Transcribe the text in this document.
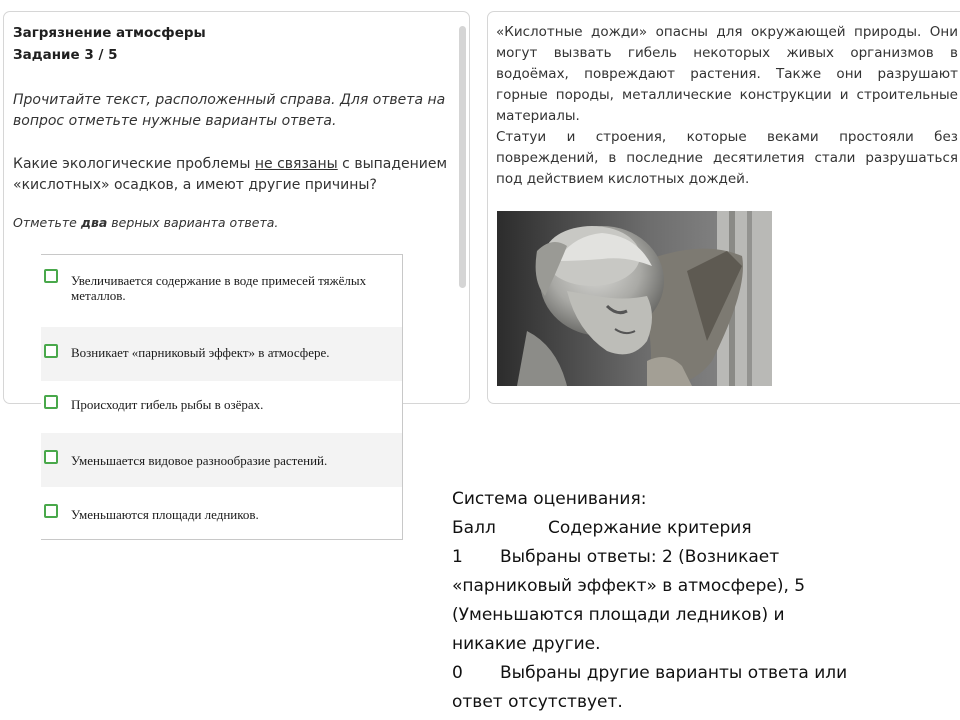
Загрязнение атмосферы
Задание 3 / 5
Прочитайте текст, расположенный справа. Для ответа на вопрос отметьте нужные варианты ответа.
Какие экологические проблемы не связаны с выпадением «кислотных» осадков, а имеют другие причины?
Отметьте два верных варианта ответа.

«Кислотные дожди» опасны для окружающей природы. Они могут вызвать гибель некоторых живых организмов в водоёмах, повреждают растения. Также они разрушают горные породы, металлические конструкции и строительные материалы.

Статуи и строения, которые веками простояли без повреждений, в последние десятилетия стали разрушаться под действием кислотных дождей.

Увеличивается содержание в воде примесей тяжёлых металлов.
Возникает «парниковый эффект» в атмосфере.
Происходит гибель рыбы в озёрах.
Уменьшается видовое разнообразие растений.
Уменьшаются площади ледников.
Система оценивания:
Балл	Содержание критерия
1 Выбраны ответы: 2 (Возникает
«парниковый эффект» в атмосфере), 5
(Уменьшаются площади ледников) и
никакие другие.
0 Выбраны другие варианты ответа или
ответ отсутствует.
